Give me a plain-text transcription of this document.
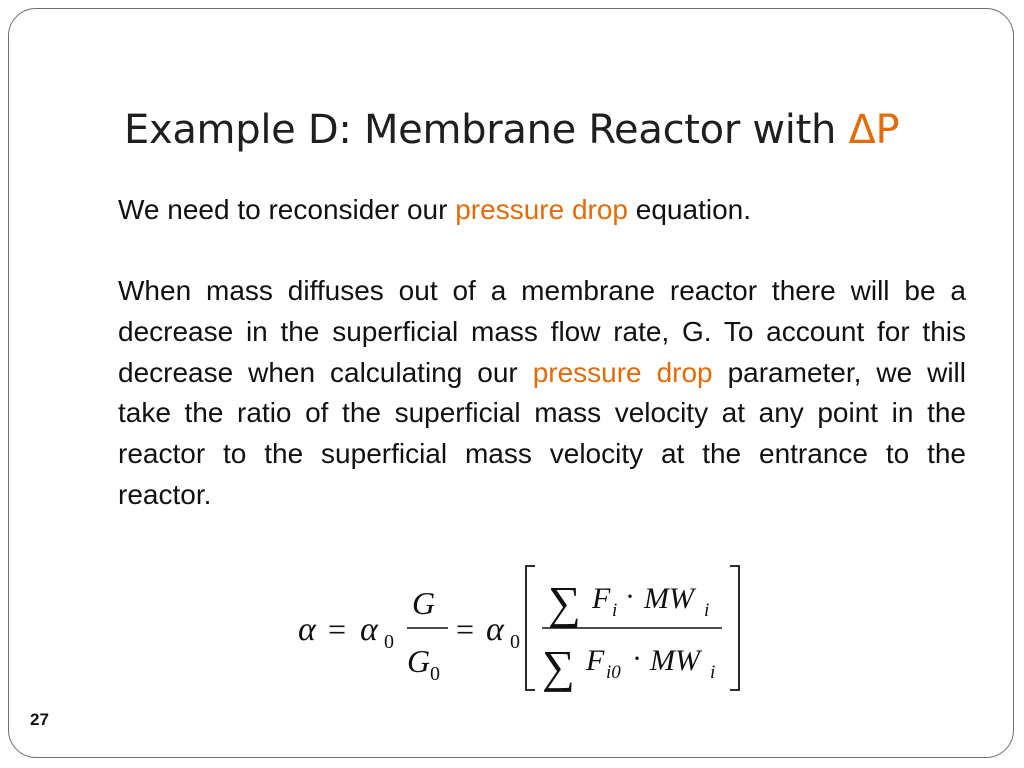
Example D: Membrane Reactor with ΔP
We need to reconsider our pressure drop equation.

When mass diffuses out of a membrane reactor there will be a decrease in the superficial mass flow rate, G. To account for this decrease when calculating our pressure drop parameter, we will take the ratio of the superficial mass velocity at any point in the reactor to the superficial mass velocity at the entrance to the reactor.

α = α 0
G
G 0
= α 0
∑ F i · MW i
∑ F i0 · MW i
27
